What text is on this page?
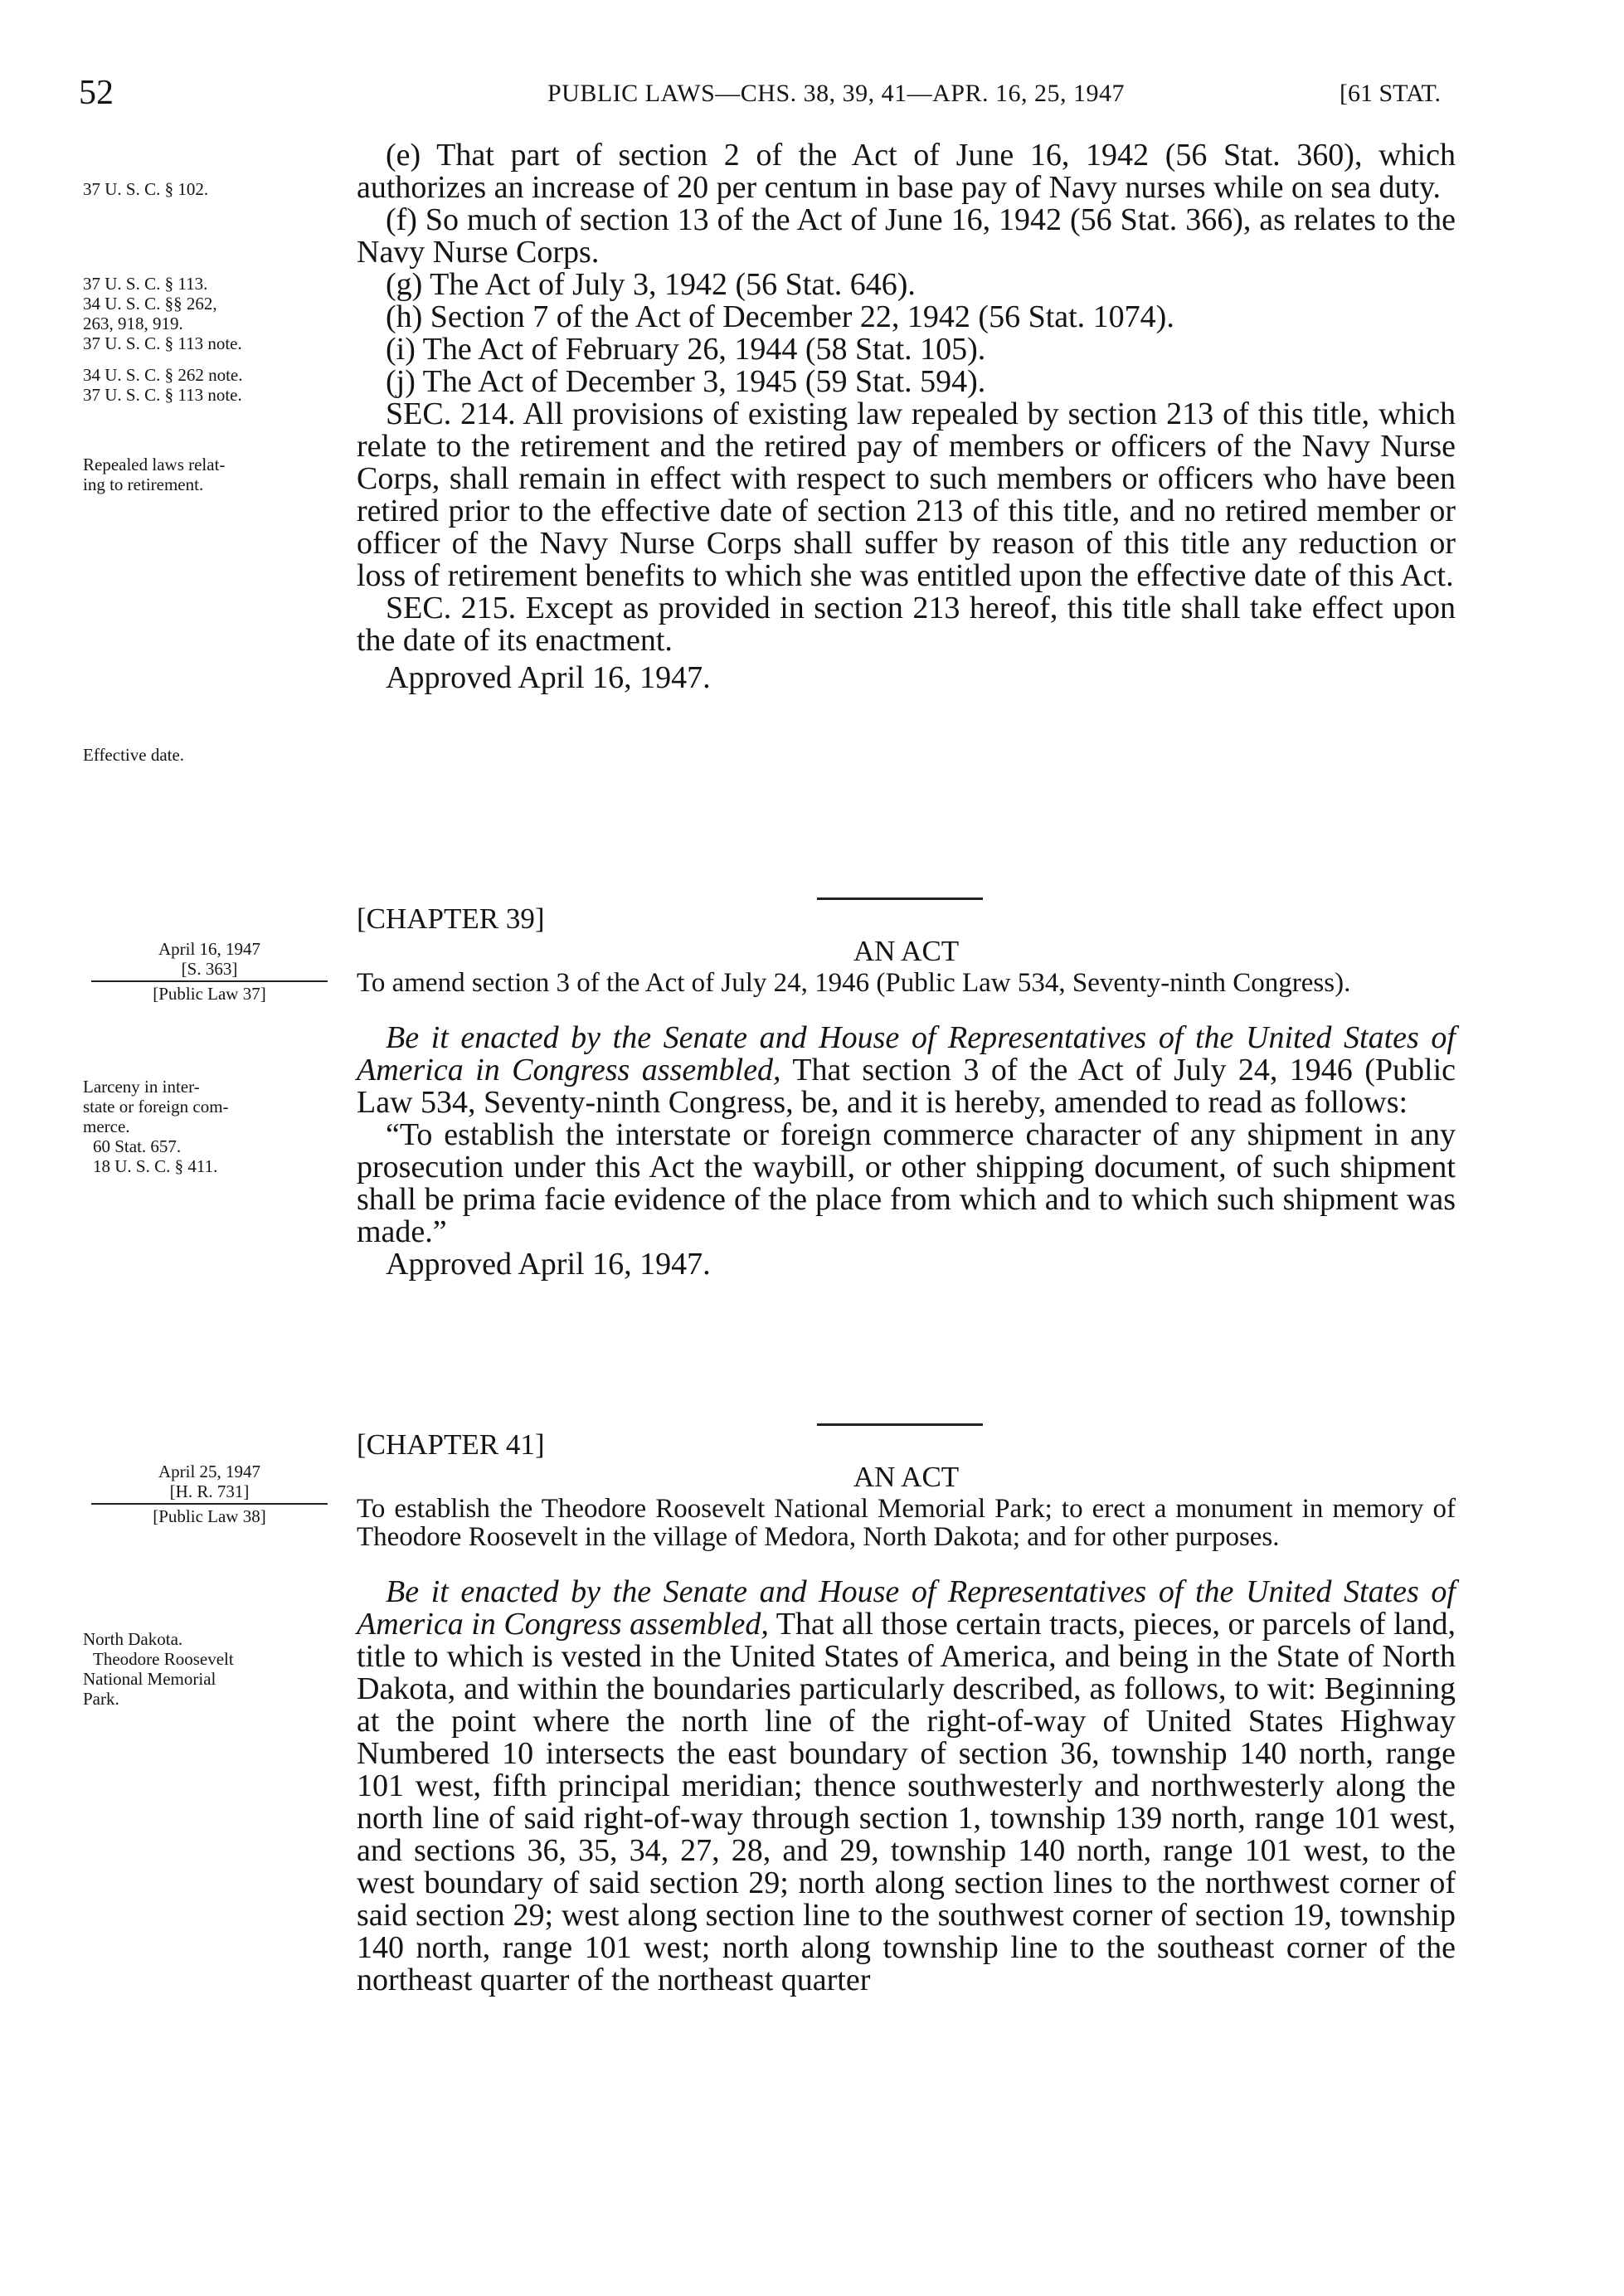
52	PUBLIC LAWS—CHS. 38, 39, 41—APR. 16, 25, 1947	[61 STAT.
37 U. S. C. § 102.
37 U. S. C. § 113.
34 U. S. C. §§ 262,
263, 918, 919.
37 U. S. C. § 113 note.
34 U. S. C. § 262 note.
37 U. S. C. § 113 note.
Repealed laws relat-
ing to retirement.
Effective date.
April 16, 1947
[S. 363]
[Public Law 37]
Larceny in inter-
state or foreign com-
merce.
60 Stat. 657.
18 U. S. C. § 411.
April 25, 1947
[H. R. 731]
[Public Law 38]
North Dakota.
Theodore Roosevelt
National Memorial
Park.

(e) That part of section 2 of the Act of June 16, 1942 (56 Stat. 360), which authorizes an increase of 20 per centum in base pay of Navy nurses while on sea duty.

(f) So much of section 13 of the Act of June 16, 1942 (56 Stat. 366), as relates to the Navy Nurse Corps.

(g) The Act of July 3, 1942 (56 Stat. 646).

(h) Section 7 of the Act of December 22, 1942 (56 Stat. 1074).

(i) The Act of February 26, 1944 (58 Stat. 105).

(j) The Act of December 3, 1945 (59 Stat. 594).

SEC. 214. All provisions of existing law repealed by section 213 of this title, which relate to the retirement and the retired pay of members or officers of the Navy Nurse Corps, shall remain in effect with respect to such members or officers who have been retired prior to the effective date of section 213 of this title, and no retired member or officer of the Navy Nurse Corps shall suffer by reason of this title any reduction or loss of retirement benefits to which she was entitled upon the effective date of this Act.

SEC. 215. Except as provided in section 213 hereof, this title shall take effect upon the date of its enactment.

Approved April 16, 1947.

[CHAPTER 39]

AN ACT

To amend section 3 of the Act of July 24, 1946 (Public Law 534, Seventy-ninth Congress).

Be it enacted by the Senate and House of Representatives of the United States of America in Congress assembled, That section 3 of the Act of July 24, 1946 (Public Law 534, Seventy-ninth Congress, be, and it is hereby, amended to read as follows:

“To establish the interstate or foreign commerce character of any shipment in any prosecution under this Act the waybill, or other shipping document, of such shipment shall be prima facie evidence of the place from which and to which such shipment was made.”

Approved April 16, 1947.

[CHAPTER 41]

AN ACT

To establish the Theodore Roosevelt National Memorial Park; to erect a monument in memory of Theodore Roosevelt in the village of Medora, North Dakota; and for other purposes.

Be it enacted by the Senate and House of Representatives of the United States of America in Congress assembled, That all those certain tracts, pieces, or parcels of land, title to which is vested in the United States of America, and being in the State of North Dakota, and within the boundaries particularly described, as follows, to wit: Beginning at the point where the north line of the right-of-way of United States Highway Numbered 10 intersects the east boundary of section 36, township 140 north, range 101 west, fifth principal meridian; thence southwesterly and northwesterly along the north line of said right-of-way through section 1, township 139 north, range 101 west, and sections 36, 35, 34, 27, 28, and 29, township 140 north, range 101 west, to the west boundary of said section 29; north along section lines to the northwest corner of said section 29; west along section line to the southwest corner of section 19, township 140 north, range 101 west; north along township line to the southeast corner of the northeast quarter of the northeast quarter
